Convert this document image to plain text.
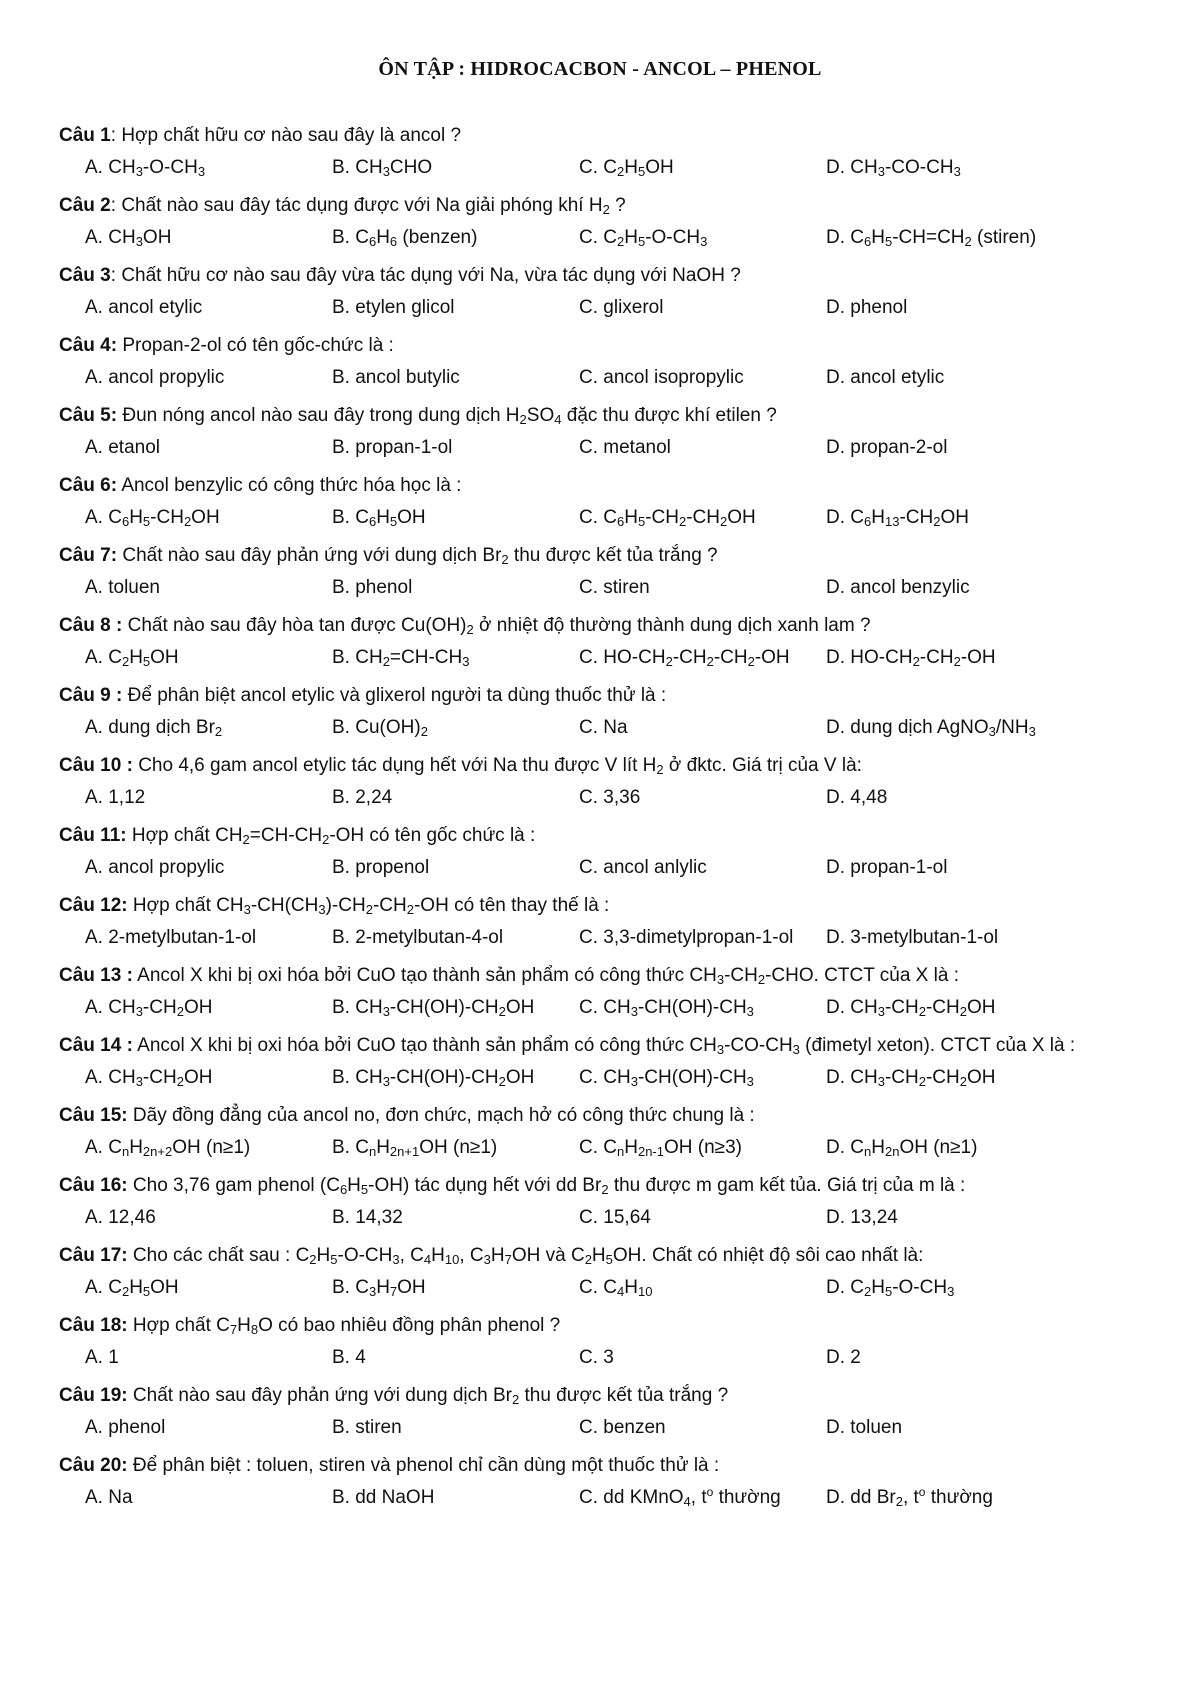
ÔN TẬP : HIDROCACBON - ANCOL – PHENOL
Câu 1: Hợp chất hữu cơ nào sau đây là ancol ?
A. $CH_3-O-CH_3$	B. $CH_3CHO$	C. $C_2H_5OH$	D. $CH_3-CO-CH_3$
Câu 2: Chất nào sau đây tác dụng được với Na giải phóng khí $H_2$ ?
A. $CH_3OH$	B. $C_6H_6$ (benzen)	C. $C_2H_5-O-CH_3$	D. $C_6H_5-CH=CH_2$ (stiren)
Câu 3: Chất hữu cơ nào sau đây vừa tác dụng với Na, vừa tác dụng với NaOH ?
A. ancol etylic	B. etylen glicol	C. glixerol	D. phenol
Câu 4: Propan-2-ol có tên gốc-chức là :
A. ancol propylic	B. ancol butylic	C. ancol isopropylic	D. ancol etylic
Câu 5: Đun nóng ancol nào sau đây trong dung dịch $H_2SO_4$ đặc thu được khí etilen ?
A. etanol	B. propan-1-ol	C. metanol	D. propan-2-ol
Câu 6: Ancol benzylic có công thức hóa học là :
A. $C_6H_5-CH_2OH$	B. $C_6H_5OH$	C. $C_6H_5-CH_2-CH_2OH$	D. $C_6H_{13}-CH_2OH$
Câu 7: Chất nào sau đây phản ứng với dung dịch $Br_2$ thu được kết tủa trắng ?
A. toluen	B. phenol	C. stiren	D. ancol benzylic
Câu 8 : Chất nào sau đây hòa tan được $Cu(OH)_2$ ở nhiệt độ thường thành dung dịch xanh lam ?
A. $C_2H_5OH$	B. $CH_2=CH-CH_3$	C. $HO-CH_2-CH_2-CH_2-OH$ D. $HO-CH_2-CH_2-OH$
Câu 9 : Để phân biệt ancol etylic và glixerol người ta dùng thuốc thử là :
A. dung dịch $Br_2$	B. $Cu(OH)_2$	C. Na	D. dung dịch $AgNO_3/NH_3$
Câu 10 : Cho 4,6 gam ancol etylic tác dụng hết với Na thu được V lít $H_2$ ở đktc. Giá trị của V là:
A. 1,12	B. 2,24	C. 3,36	D. 4,48
Câu 11: Hợp chất $CH_2=CH-CH_2-OH$ có tên gốc chức là :
A. ancol propylic	B. propenol	C. ancol anlylic	D. propan-1-ol
Câu 12: Hợp chất $CH_3-CH(CH_3)-CH_2-CH_2-OH$ có tên thay thế là :
A. 2-metylbutan-1-ol	B. 2-metylbutan-4-ol	C. 3,3-dimetylpropan-1-ol D. 3-metylbutan-1-ol
Câu 13 : Ancol X khi bị oxi hóa bởi CuO tạo thành sản phẩm có công thức $CH_3-CH_2$-CHO. CTCT của X là :
A. $CH_3-CH_2OH$	B. $CH_3-CH(OH)-CH_2OH$ C. $CH_3-CH(OH)-CH_3$	D. $CH_3-CH_2-CH_2OH$
Câu 14 : Ancol X khi bị oxi hóa bởi CuO tạo thành sản phẩm có công thức $CH_3-CO-CH_3$ (đimetyl xeton). CTCT của X là :
A. $CH_3-CH_2OH$	B. $CH_3-CH(OH)-CH_2OH$ C. $CH_3-CH(OH)-CH_3$	D. $CH_3-CH_2-CH_2OH$
Câu 15: Dãy đồng đẳng của ancol no, đơn chức, mạch hở có công thức chung là :
A. $C_nH_{2n+2}OH$ (n≥1)	B. $C_nH_{2n+1}OH$ (n≥1)	C. $C_nH_{2n-1}OH$ (n≥3)	D. $C_nH_{2n}OH$ (n≥1)
Câu 16: Cho 3,76 gam phenol $(C_6H_5-OH)$ tác dụng hết với dd $Br_2$ thu được m gam kết tủa. Giá trị của m là :
A. 12,46	B. 14,32	C. 15,64	D. 13,24
Câu 17: Cho các chất sau : $C_2H_5-O-CH_3$, $C_4H_{10}$, $C_3H_7OH$ và $C_2H_5OH$. Chất có nhiệt độ sôi cao nhất là:
A. $C_2H_5OH$	B. $C_3H_7OH$	C. $C_4H_{10}$	D. $C_2H_5-O-CH_3$
Câu 18: Hợp chất $C_7H_8O$ có bao nhiêu đồng phân phenol ?
A. 1	B. 4	C. 3	D. 2
Câu 19: Chất nào sau đây phản ứng với dung dịch $Br_2$ thu được kết tủa trắng ?
A. phenol	B. stiren	C. benzen	D. toluen
Câu 20: Để phân biệt : toluen, stiren và phenol chỉ cần dùng một thuốc thử là :
A. Na	B. dd NaOH	C. dd KMnO$_4$, $t^o$ thường D. dd $Br_2$, $t^o$ thường
